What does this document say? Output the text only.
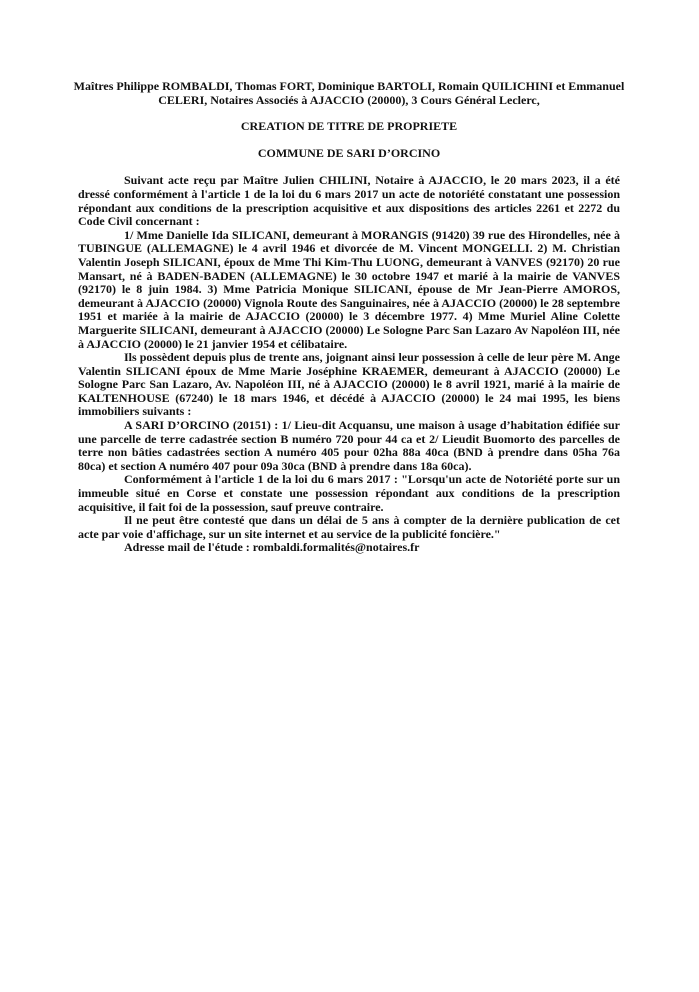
Maîtres Philippe ROMBALDI, Thomas FORT, Dominique BARTOLI, Romain QUILICHINI et Emmanuel CELERI, Notaires Associés à AJACCIO (20000), 3 Cours Général Leclerc,
CREATION DE TITRE DE PROPRIETE
COMMUNE DE SARI D’ORCINO

Suivant acte reçu par Maître Julien CHILINI, Notaire à AJACCIO, le 20 mars 2023, il a été dressé conformément à l'article 1 de la loi du 6 mars 2017 un acte de notoriété constatant une possession répondant aux conditions de la prescription acquisitive et aux dispositions des articles 2261 et 2272 du Code Civil concernant :

1/ Mme Danielle Ida SILICANI, demeurant à MORANGIS (91420) 39 rue des Hirondelles, née à TUBINGUE (ALLEMAGNE) le 4 avril 1946 et divorcée de M. Vincent MONGELLI. 2) M. Christian Valentin Joseph SILICANI, époux de Mme Thi Kim-Thu LUONG, demeurant à VANVES (92170) 20 rue Mansart, né à BADEN-BADEN (ALLEMAGNE) le 30 octobre 1947 et marié à la mairie de VANVES (92170) le 8 juin 1984. 3) Mme Patricia Monique SILICANI, épouse de Mr Jean-Pierre AMOROS, demeurant à AJACCIO (20000) Vignola Route des Sanguinaires, née à AJACCIO (20000) le 28 septembre 1951 et mariée à la mairie de AJACCIO (20000) le 3 décembre 1977. 4) Mme Muriel Aline Colette Marguerite SILICANI, demeurant à AJACCIO (20000) Le Sologne Parc San Lazaro Av Napoléon III, née à AJACCIO (20000) le 21 janvier 1954 et célibataire.

Ils possèdent depuis plus de trente ans, joignant ainsi leur possession à celle de leur père M. Ange Valentin SILICANI époux de Mme Marie Joséphine KRAEMER, demeurant à AJACCIO (20000) Le Sologne Parc San Lazaro, Av. Napoléon III, né à AJACCIO (20000) le 8 avril 1921, marié à la mairie de KALTENHOUSE (67240) le 18 mars 1946, et décédé à AJACCIO (20000) le 24 mai 1995, les biens immobiliers suivants :

A SARI D’ORCINO (20151) : 1/ Lieu-dit Acquansu, une maison à usage d’habitation édifiée sur une parcelle de terre cadastrée section B numéro 720 pour 44 ca et 2/ Lieudit Buomorto des parcelles de terre non bâties cadastrées section A numéro 405 pour 02ha 88a 40ca (BND à prendre dans 05ha 76a 80ca) et section A numéro 407 pour 09a 30ca (BND à prendre dans 18a 60ca).

Conformément à l'article 1 de la loi du 6 mars 2017 : "Lorsqu'un acte de Notoriété porte sur un immeuble situé en Corse et constate une possession répondant aux conditions de la prescription acquisitive, il fait foi de la possession, sauf preuve contraire.

Il ne peut être contesté que dans un délai de 5 ans à compter de la dernière publication de cet acte par voie d'affichage, sur un site internet et au service de la publicité foncière."

Adresse mail de l'étude : rombaldi.formalités@notaires.fr
